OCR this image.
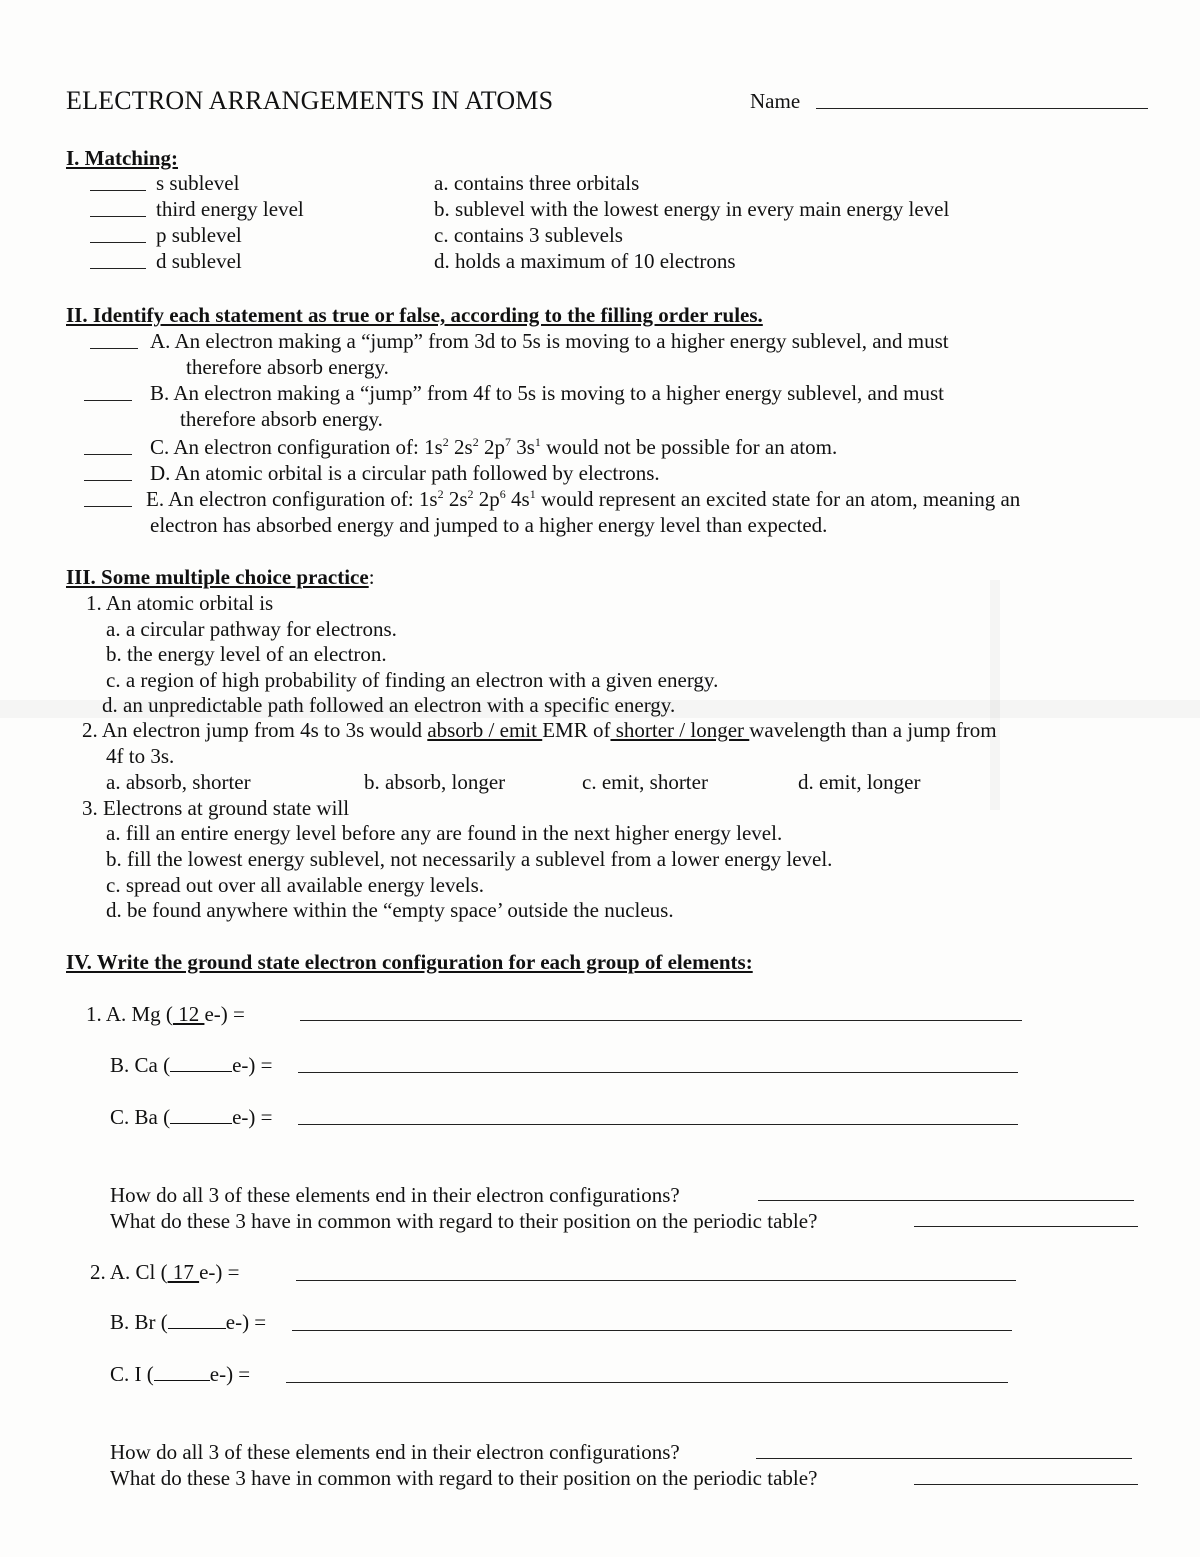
ELECTRON ARRANGEMENTS IN ATOMS	Name
I. Matching:
s sublevel
third energy level
p sublevel
d sublevel
a. contains three orbitals
b. sublevel with the lowest energy in every main energy level
c. contains 3 sublevels
d. holds a maximum of 10 electrons
II. Identify each statement as true or false, according to the filling order rules.
A. An electron making a “jump” from 3d to 5s is moving to a higher energy sublevel, and must
therefore absorb energy.
B. An electron making a “jump” from 4f to 5s is moving to a higher energy sublevel, and must
therefore absorb energy.
C. An electron configuration of: $1s^2$ $2s^2$ $2p^7$ $3s^1$ would not be possible for an atom.
D. An atomic orbital is a circular path followed by electrons.
E. An electron configuration of: $1s^2$ $2s^2$ $2p^6$ $4s^1$ would represent an excited state for an atom, meaning an
electron has absorbed energy and jumped to a higher energy level than expected.
III. Some multiple choice practice:
1. An atomic orbital is
a. a circular pathway for electrons.
b. the energy level of an electron.
c. a region of high probability of finding an electron with a given energy.
d. an unpredictable path followed an electron with a specific energy.
2. An electron jump from 4s to 3s would absorb / emit EMR of shorter / longer wavelength than a jump from
4f to 3s.
a. absorb, shorter	b. absorb, longer	c. emit, shorter	d. emit, longer
3. Electrons at ground state will
a. fill an entire energy level before any are found in the next higher energy level.
b. fill the lowest energy sublevel, not necessarily a sublevel from a lower energy level.
c. spread out over all available energy levels.
d. be found anywhere within the “empty space’ outside the nucleus.
IV. Write the ground state electron configuration for each group of elements:
1. A. Mg ( 12 e-) =
B. Ca (	e-) =
C. Ba (	e-) =
How do all 3 of these elements end in their electron configurations?
What do these 3 have in common with regard to their position on the periodic table?
2. A. Cl ( 17 e-) =
B. Br (	e-) =
C. I (	e-) =
How do all 3 of these elements end in their electron configurations?
What do these 3 have in common with regard to their position on the periodic table?
